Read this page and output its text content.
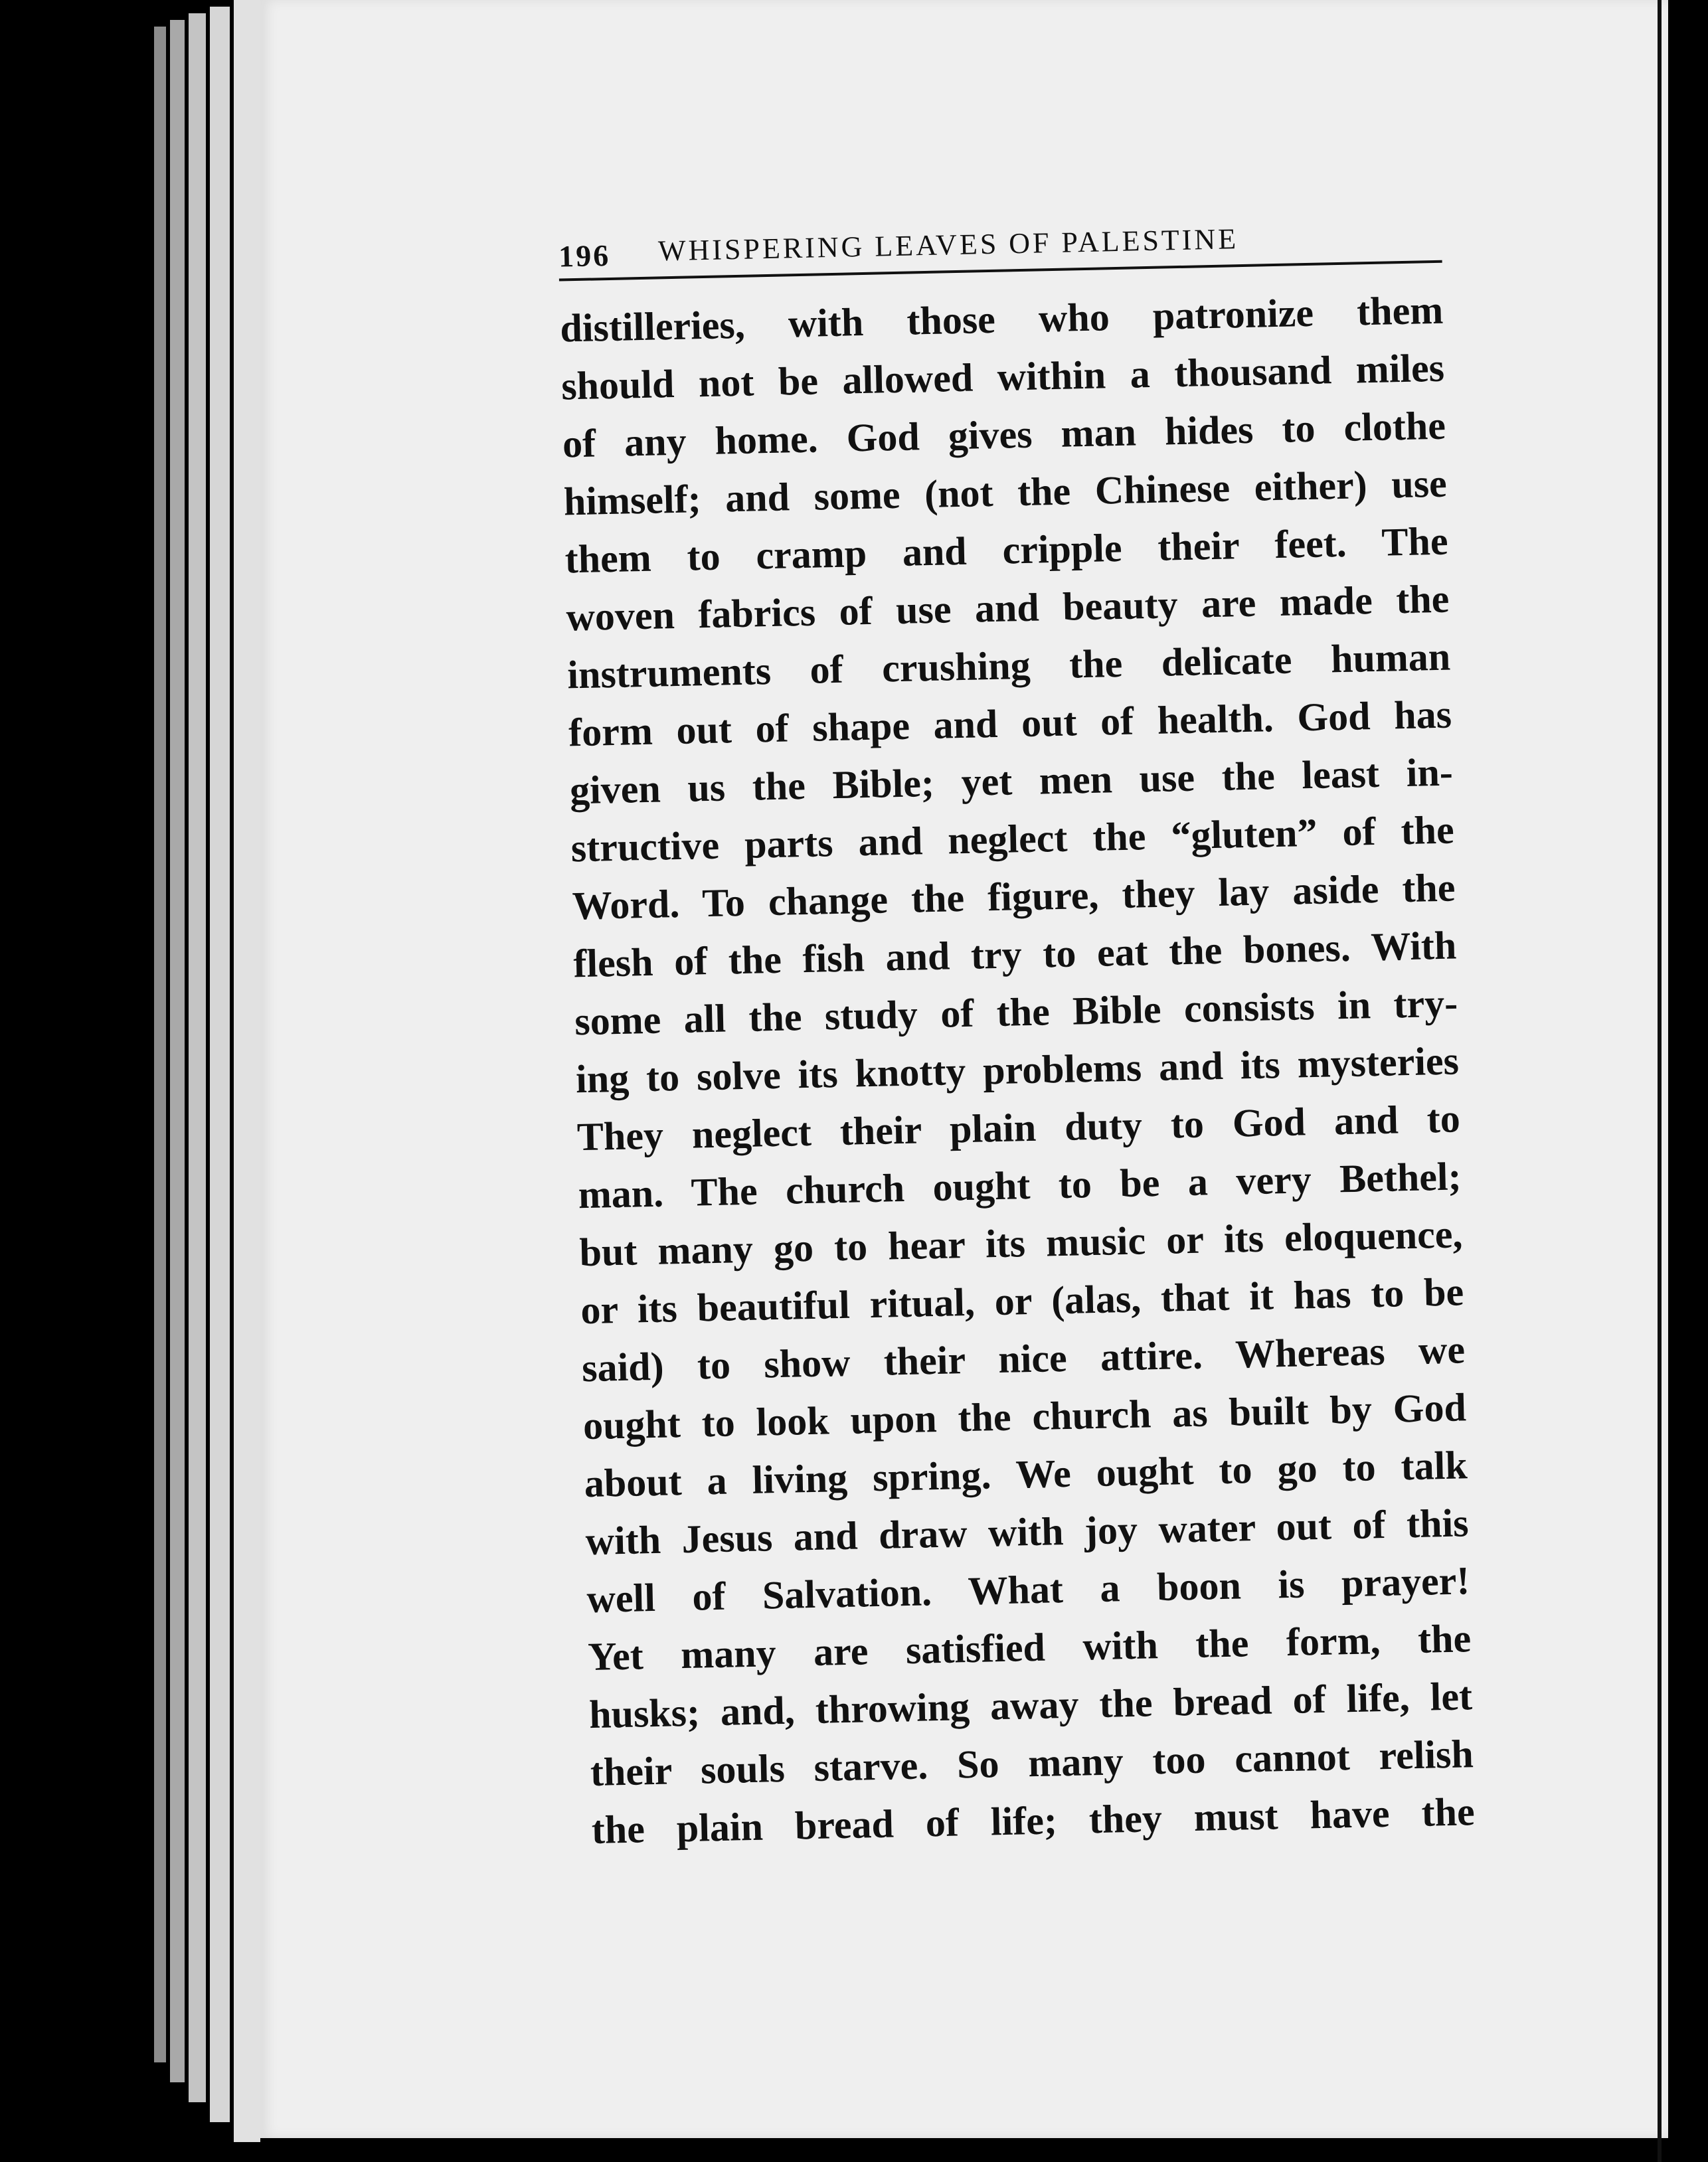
196 WHISPERING LEAVES OF PALESTINE
distilleries, with those who patronize them
should not be allowed within a thousand miles
of any home. God gives man hides to clothe
himself; and some (not the Chinese either) use
them to cramp and cripple their feet. The
woven fabrics of use and beauty are made the
instruments of crushing the delicate human
form out of shape and out of health. God has
given us the Bible; yet men use the least in-
structive parts and neglect the “gluten” of the
Word. To change the figure, they lay aside the
flesh of the fish and try to eat the bones. With
some all the study of the Bible consists in try-
ing to solve its knotty problems and its mysteries
They neglect their plain duty to God and to
man. The church ought to be a very Bethel;
but many go to hear its music or its eloquence,
or its beautiful ritual, or (alas, that it has to be
said) to show their nice attire. Whereas we
ought to look upon the church as built by God
about a living spring. We ought to go to talk
with Jesus and draw with joy water out of this
well of Salvation. What a boon is prayer!
Yet many are satisfied with the form, the
husks; and, throwing away the bread of life, let
their souls starve. So many too cannot relish
the plain bread of life; they must have the
